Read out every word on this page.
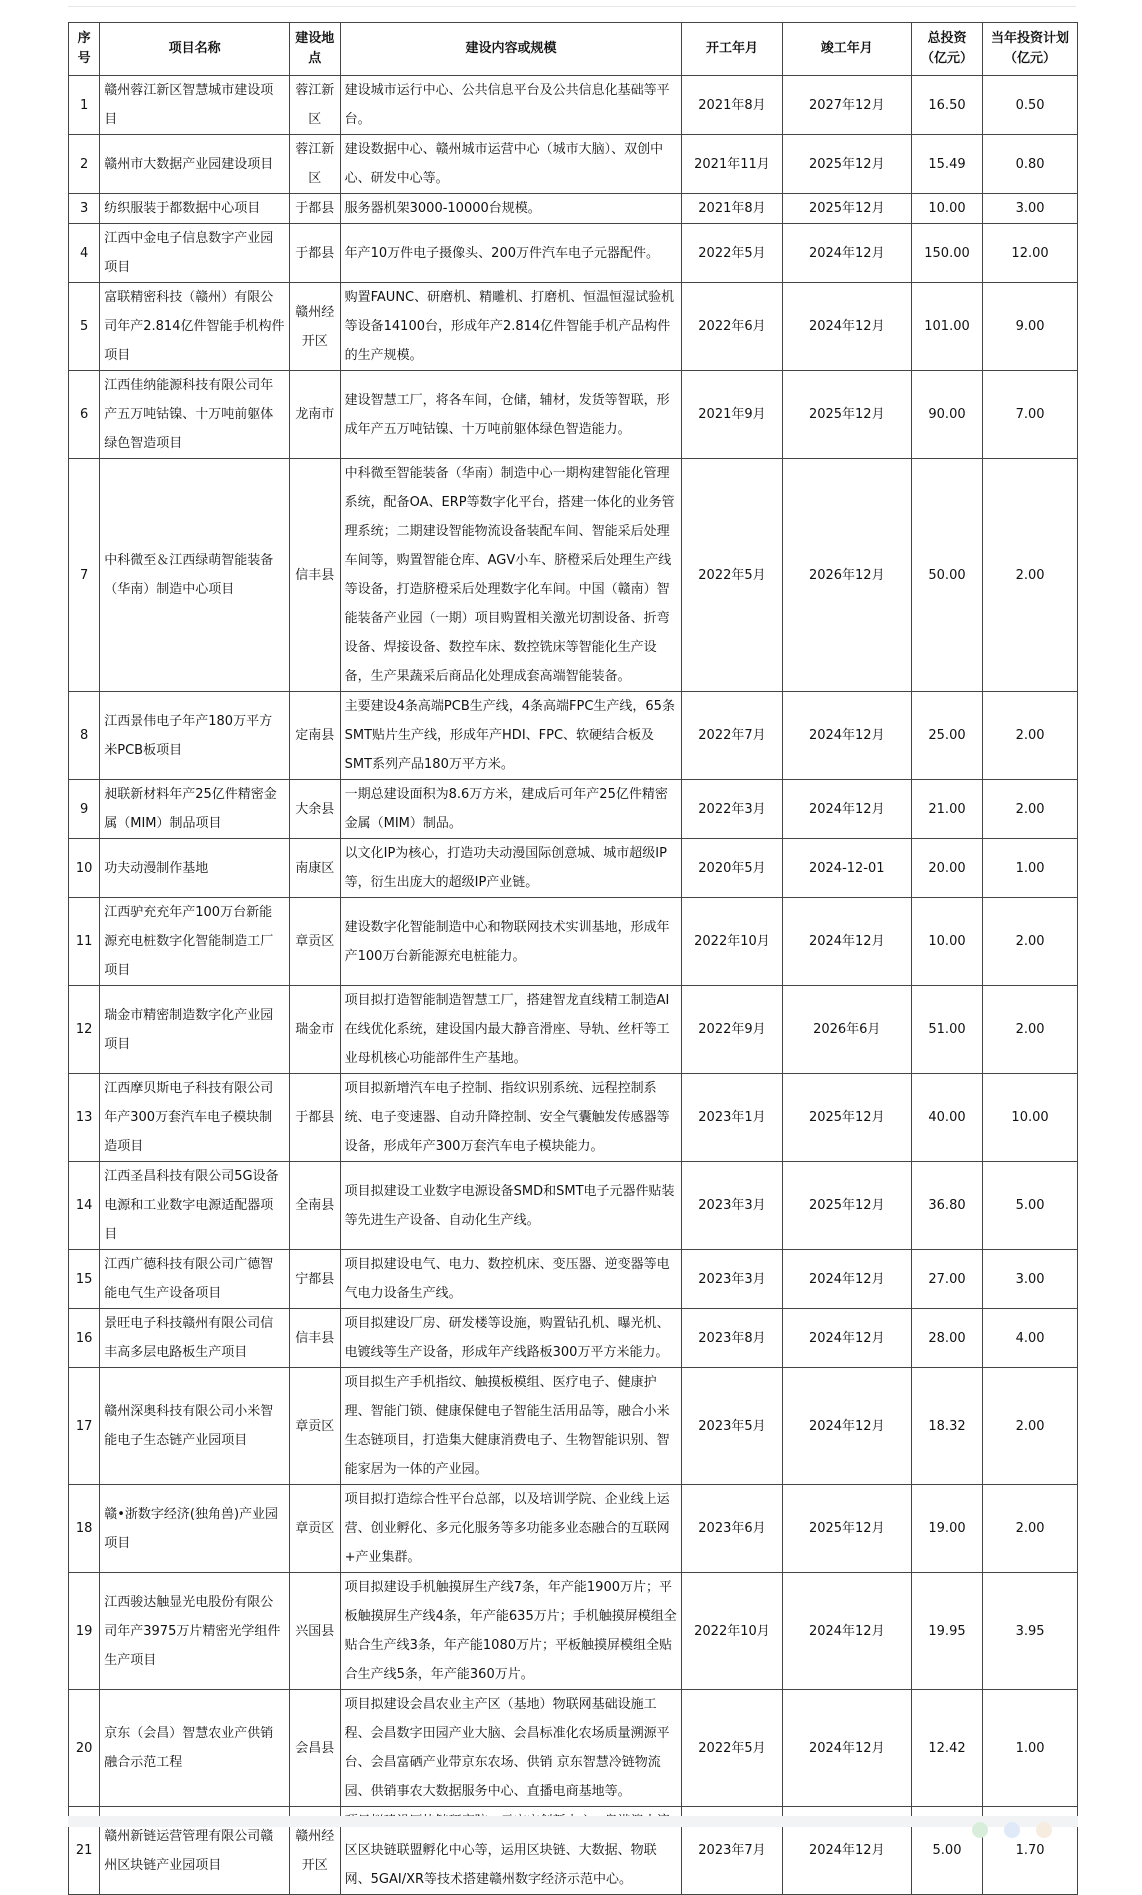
序号	项目名称	建设地点	建设内容或规模	开工年月	竣工年月	总投资（亿元）	当年投资计划（亿元）
1	赣州蓉江新区智慧城市建设项目	蓉江新区	建设城市运行中心、公共信息平台及公共信息化基础等平台。	2021年8月	2027年12月	16.50	0.50
2	赣州市大数据产业园建设项目	蓉江新区	建设数据中心、赣州城市运营中心（城市大脑）、双创中心、研发中心等。	2021年11月	2025年12月	15.49	0.80
3	纺织服装于都数据中心项目	于都县	服务器机架3000-10000台规模。	2021年8月	2025年12月	10.00	3.00
4	江西中金电子信息数字产业园项目	于都县	年产10万件电子摄像头、200万件汽车电子元器配件。	2022年5月	2024年12月	150.00	12.00
5	富联精密科技（赣州）有限公司年产2.814亿件智能手机构件项目	赣州经开区	购置FAUNC、研磨机、精雕机、打磨机、恒温恒湿试验机等设备14100台，形成年产2.814亿件智能手机产品构件的生产规模。	2022年6月	2024年12月	101.00	9.00
6	江西佳纳能源科技有限公司年产五万吨钴镍、十万吨前躯体绿色智造项目	龙南市	建设智慧工厂，将各车间，仓储，辅材，发货等智联，形成年产五万吨钴镍、十万吨前躯体绿色智造能力。	2021年9月	2025年12月	90.00	7.00
7	中科微至＆江西绿萌智能装备（华南）制造中心项目	信丰县	中科微至智能装备（华南）制造中心一期构建智能化管理系统，配备OA、ERP等数字化平台，搭建一体化的业务管理系统；二期建设智能物流设备装配车间、智能采后处理车间等，购置智能仓库、AGV小车、脐橙采后处理生产线等设备，打造脐橙采后处理数字化车间。中国（赣南）智能装备产业园（一期）项目购置相关激光切割设备、折弯设备、焊接设备、数控车床、数控铣床等智能化生产设备，生产果蔬采后商品化处理成套高端智能装备。	2022年5月	2026年12月	50.00	2.00
8	江西景伟电子年产180万平方米PCB板项目	定南县	主要建设4条高端PCB生产线，4条高端FPC生产线，65条SMT贴片生产线，形成年产HDI、FPC、软硬结合板及SMT系列产品180万平方米。	2022年7月	2024年12月	25.00	2.00
9	昶联新材料年产25亿件精密金属（MIM）制品项目	大余县	一期总建设面积为8.6万方米，建成后可年产25亿件精密金属（MIM）制品。	2022年3月	2024年12月	21.00	2.00
10	功夫动漫制作基地	南康区	以文化IP为核心，打造功夫动漫国际创意城、城市超级IP等，衍生出庞大的超级IP产业链。	2020年5月	2024-12-01	20.00	1.00
11	江西驴充充年产100万台新能源充电桩数字化智能制造工厂项目	章贡区	建设数字化智能制造中心和物联网技术实训基地，形成年产100万台新能源充电桩能力。	2022年10月	2024年12月	10.00	2.00
12	瑞金市精密制造数字化产业园项目	瑞金市	项目拟打造智能制造智慧工厂，搭建智龙直线精工制造AI在线优化系统，建设国内最大静音滑座、导轨、丝杆等工业母机核心功能部件生产基地。	2022年9月	2026年6月	51.00	2.00
13	江西摩贝斯电子科技有限公司年产300万套汽车电子模块制造项目	于都县	项目拟新增汽车电子控制、指纹识别系统、远程控制系统、电子变速器、自动升降控制、安全气囊触发传感器等设备，形成年产300万套汽车电子模块能力。	2023年1月	2025年12月	40.00	10.00
14	江西圣昌科技有限公司5G设备电源和工业数字电源适配器项目	全南县	项目拟建设工业数字电源设备SMD和SMT电子元器件贴装等先进生产设备、自动化生产线。	2023年3月	2025年12月	36.80	5.00
15	江西广德科技有限公司广德智能电气生产设备项目	宁都县	项目拟建设电气、电力、数控机床、变压器、逆变器等电气电力设备生产线。	2023年3月	2024年12月	27.00	3.00
16	景旺电子科技赣州有限公司信丰高多层电路板生产项目	信丰县	项目拟建设厂房、研发楼等设施，购置钻孔机、曝光机、电镀线等生产设备，形成年产线路板300万平方米能力。	2023年8月	2024年12月	28.00	4.00
17	赣州深奥科技有限公司小米智能电子生态链产业园项目	章贡区	项目拟生产手机指纹、触摸板模组、医疗电子、健康护理、智能门锁、健康保健电子智能生活用品等，融合小米生态链项目，打造集大健康消费电子、生物智能识别、智能家居为一体的产业园。	2023年5月	2024年12月	18.32	2.00
18	赣•浙数字经济(独角兽)产业园项目	章贡区	项目拟打造综合性平台总部，以及培训学院、企业线上运营、创业孵化、多元化服务等多功能多业态融合的互联网+产业集群。	2023年6月	2025年12月	19.00	2.00
19	江西骏达触显光电股份有限公司年产3975万片精密光学组件生产项目	兴国县	项目拟建设手机触摸屏生产线7条，年产能1900万片；平板触摸屏生产线4条，年产能635万片；手机触摸屏模组全贴合生产线3条，年产能1080万片；平板触摸屏模组全贴合生产线5条，年产能360万片。	2022年10月	2024年12月	19.95	3.95
20	京东（会昌）智慧农业产供销融合示范工程	会昌县	项目拟建设会昌农业主产区（基地）物联网基础设施工程、会昌数字田园产业大脑、会昌标准化农场质量溯源平台、会昌富硒产业带京东农场、供销 京东智慧冷链物流园、供销事农大数据服务中心、直播电商基地等。	2022年5月	2024年12月	12.42	1.00
21	赣州新链运营管理有限公司赣州区块链产业园项目	赣州经开区	区区块链联盟孵化中心等，运用区块链、大数据、物联网、5GAI/XR等技术搭建赣州数字经济示范中心。	2023年7月	2024年12月	5.00	1.70
